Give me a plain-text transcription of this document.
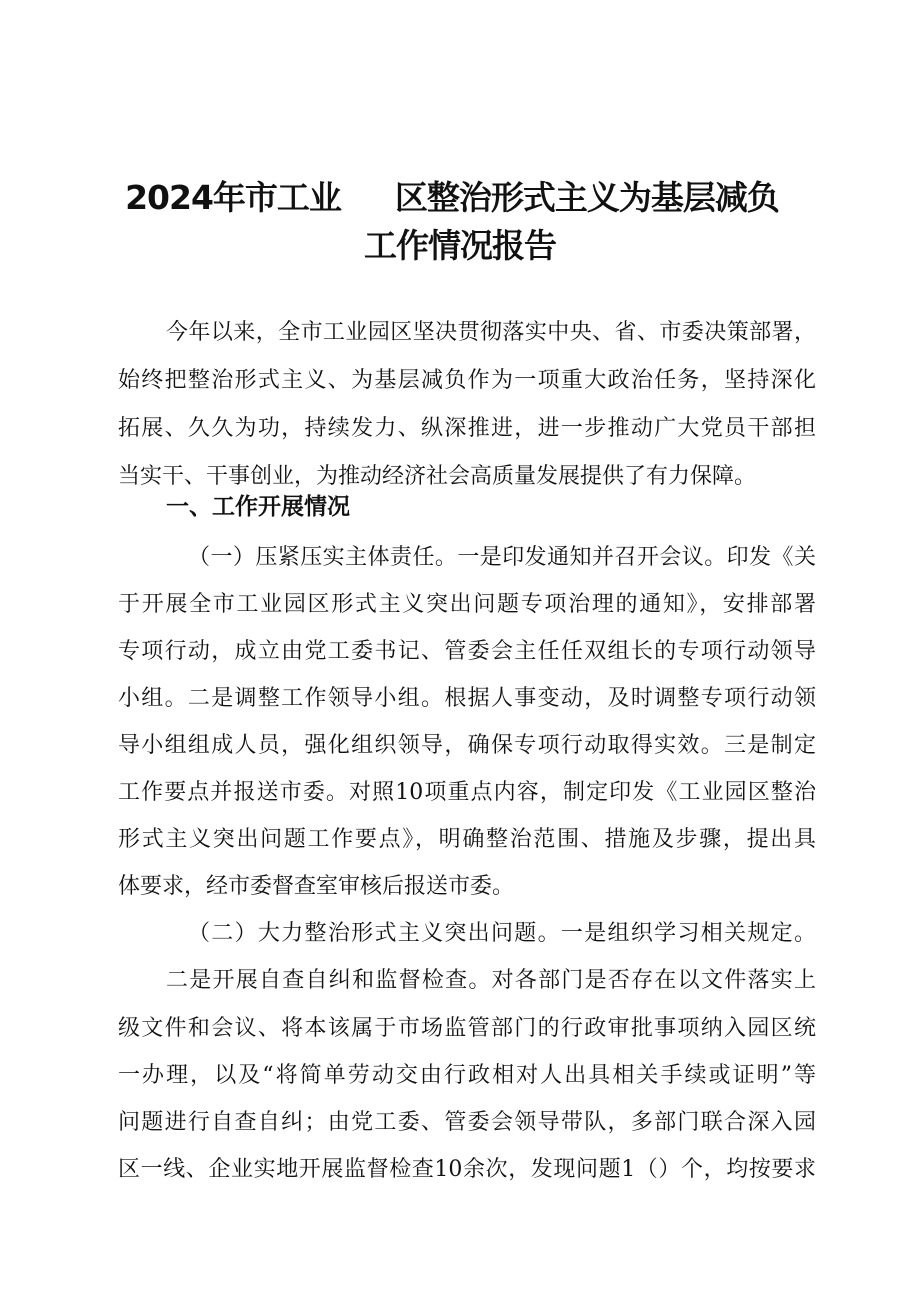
2024年市工业 区整治形式主义为基层减负
工作情况报告

今年以来，全市工业园区坚决贯彻落实中央、省、市委决策部署，

始终把整治形式主义、为基层减负作为一项重大政治任务，坚持深化

拓展、久久为功，持续发力、纵深推进，进一步推动广大党员干部担

当实干、干事创业，为推动经济社会高质量发展提供了有力保障。

一、工作开展情况

（一）压紧压实主体责任。一是印发通知并召开会议。印发《关

于开展全市工业园区形式主义突出问题专项治理的通知》，安排部署

专项行动，成立由党工委书记、管委会主任任双组长的专项行动领导

小组。二是调整工作领导小组。根据人事变动，及时调整专项行动领

导小组组成人员，强化组织领导，确保专项行动取得实效。三是制定

工作要点并报送市委。对照10项重点内容，制定印发《工业园区整治

形式主义突出问题工作要点》，明确整治范围、措施及步骤，提出具

体要求，经市委督查室审核后报送市委。

（二）大力整治形式主义突出问题。一是组织学习相关规定。

二是开展自查自纠和监督检查。对各部门是否存在以文件落实上

级文件和会议、将本该属于市场监管部门的行政审批事项纳入园区统

一办理，以及“将简单劳动交由行政相对人出具相关手续或证明”等

问题进行自查自纠；由党工委、管委会领导带队，多部门联合深入园

区一线、企业实地开展监督检查10余次，发现问题1（）个，均按要求
